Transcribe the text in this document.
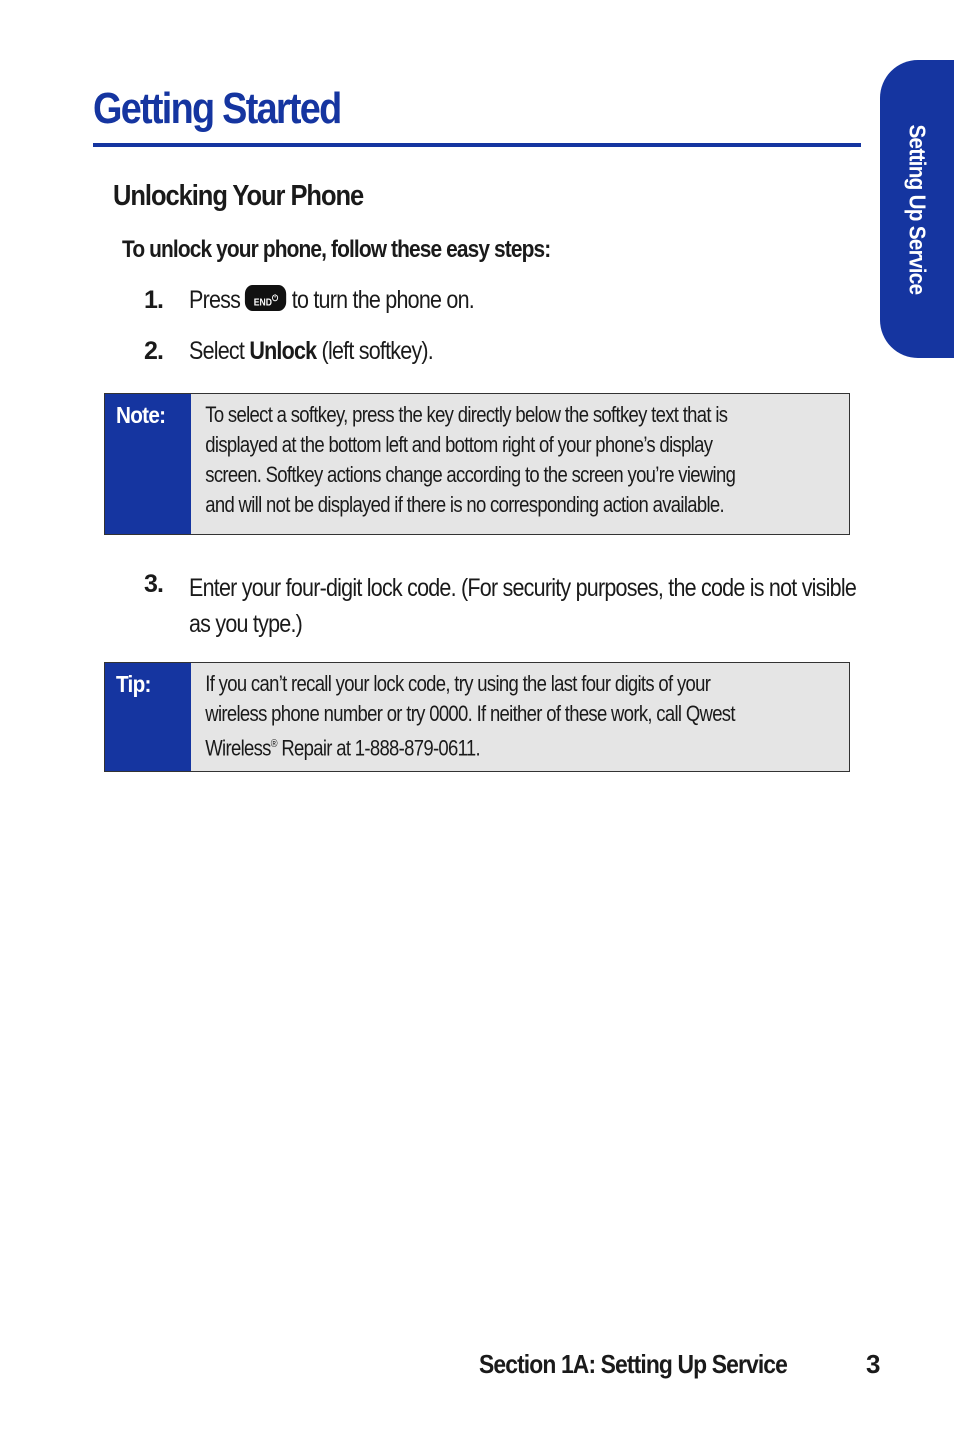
Getting Started
Setting Up Service
Unlocking Your Phone

To unlock your phone, follow these easy steps:

1. Press END⏻ to turn the phone on.
2. Select Unlock (left softkey).
Note:	To select a softkey, press the key directly below the softkey text that is displayed at the bottom left and bottom right of your phone’s display screen. Softkey actions change according to the screen you’re viewing and will not be displayed if there is no corresponding action available.
3. Enter your four-digit lock code. (For security purposes, the code is not visible as you type.)
Tip:	If you can’t recall your lock code, try using the last four digits of your wireless phone number or try 0000. If neither of these work, call Qwest Wireless® Repair at 1-888-879-0611.
Section 1A: Setting Up Service	3
